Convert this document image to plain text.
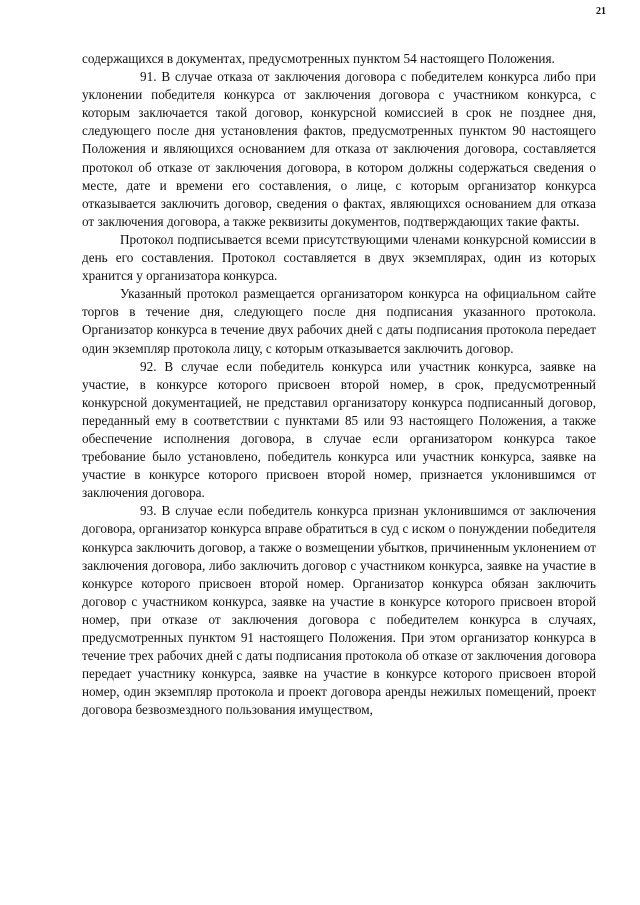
21

содержащихся в документах, предусмотренных пунктом 54 настоящего Положения.

91. В случае отказа от заключения договора с победителем конкурса либо при уклонении победителя конкурса от заключения договора с участником конкурса, с которым заключается такой договор, конкурсной комиссией в срок не позднее дня, следующего после дня установления фактов, предусмотренных пунктом 90 настоящего Положения и являющихся основанием для отказа от заключения договора, составляется протокол об отказе от заключения договора, в котором должны содержаться сведения о месте, дате и времени его составления, о лице, с которым организатор конкурса отказывается заключить договор, сведения о фактах, являющихся основанием для отказа от заключения договора, а также реквизиты документов, подтверждающих такие факты.

Протокол подписывается всеми присутствующими членами конкурсной комиссии в день его составления. Протокол составляется в двух экземплярах, один из которых хранится у организатора конкурса.

Указанный протокол размещается организатором конкурса на официальном сайте торгов в течение дня, следующего после дня подписания указанного протокола. Организатор конкурса в течение двух рабочих дней с даты подписания протокола передает один экземпляр протокола лицу, с которым отказывается заключить договор.

92. В случае если победитель конкурса или участник конкурса, заявке на участие, в конкурсе которого присвоен второй номер, в срок, предусмотренный конкурсной документацией, не представил организатору конкурса подписанный договор, переданный ему в соответствии с пунктами 85 или 93 настоящего Положения, а также обеспечение исполнения договора, в случае если организатором конкурса такое требование было установлено, победитель конкурса или участник конкурса, заявке на участие в конкурсе которого присвоен второй номер, признается уклонившимся от заключения договора.

93. В случае если победитель конкурса признан уклонившимся от заключения договора, организатор конкурса вправе обратиться в суд с иском о понуждении победителя конкурса заключить договор, а также о возмещении убытков, причиненным уклонением от заключения договора, либо заключить договор с участником конкурса, заявке на участие в конкурсе которого присвоен второй номер. Организатор конкурса обязан заключить договор с участником конкурса, заявке на участие в конкурсе которого присвоен второй номер, при отказе от заключения договора с победителем конкурса в случаях, предусмотренных пунктом 91 настоящего Положения. При этом организатор конкурса в течение трех рабочих дней с даты подписания протокола об отказе от заключения договора передает участнику конкурса, заявке на участие в конкурсе которого присвоен второй номер, один экземпляр протокола и проект договора аренды нежилых помещений, проект договора безвозмездного пользования имуществом,
